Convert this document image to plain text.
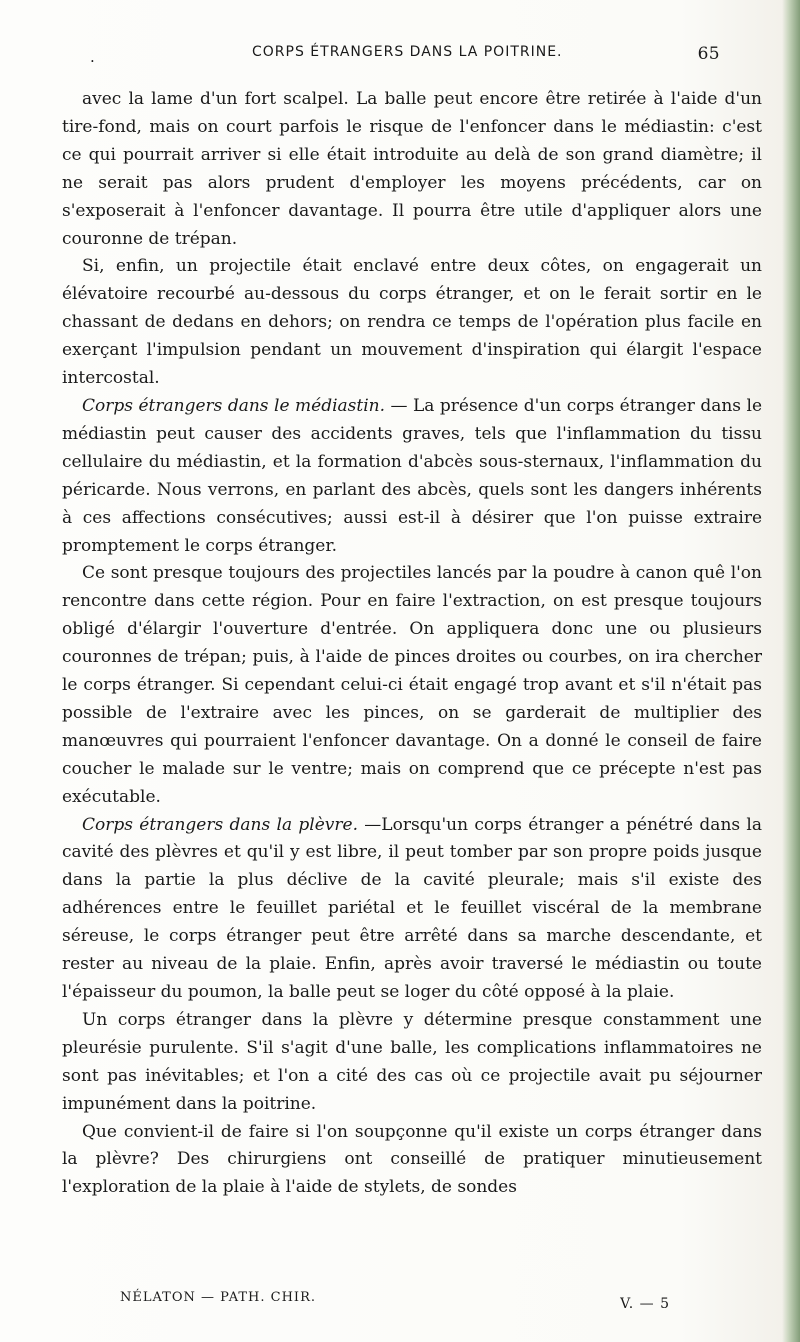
.	CORPS ÉTRANGERS DANS LA POITRINE.	65

avec la lame d'un fort scalpel. La balle peut encore être retirée à l'aide d'un tire-fond, mais on court parfois le risque de l'enfoncer dans le médiastin: c'est ce qui pourrait arriver si elle était introduite au delà de son grand diamètre; il ne serait pas alors prudent d'employer les moyens précédents, car on s'exposerait à l'enfoncer davantage. Il pourra être utile d'appliquer alors une couronne de trépan.

Si, enfin, un projectile était enclavé entre deux côtes, on engagerait un élévatoire recourbé au-dessous du corps étranger, et on le ferait sortir en le chassant de dedans en dehors; on rendra ce temps de l'opération plus facile en exerçant l'impulsion pendant un mouvement d'inspiration qui élargit l'espace intercostal.

Corps étrangers dans le médiastin. — La présence d'un corps étranger dans le médiastin peut causer des accidents graves, tels que l'inflammation du tissu cellulaire du médiastin, et la formation d'abcès sous-sternaux, l'inflammation du péricarde. Nous verrons, en parlant des abcès, quels sont les dangers inhérents à ces affections consécutives; aussi est-il à désirer que l'on puisse extraire promptement le corps étranger.

Ce sont presque toujours des projectiles lancés par la poudre à canon quê l'on rencontre dans cette région. Pour en faire l'extraction, on est presque toujours obligé d'élargir l'ouverture d'entrée. On appliquera donc une ou plusieurs couronnes de trépan; puis, à l'aide de pinces droites ou courbes, on ira chercher le corps étranger. Si cependant celui-ci était engagé trop avant et s'il n'était pas possible de l'extraire avec les pinces, on se garderait de multiplier des manœuvres qui pourraient l'enfoncer davantage. On a donné le conseil de faire coucher le malade sur le ventre; mais on comprend que ce précepte n'est pas exécutable.

Corps étrangers dans la plèvre. —Lorsqu'un corps étranger a pénétré dans la cavité des plèvres et qu'il y est libre, il peut tomber par son propre poids jusque dans la partie la plus déclive de la cavité pleurale; mais s'il existe des adhérences entre le feuillet pariétal et le feuillet viscéral de la membrane séreuse, le corps étranger peut être arrêté dans sa marche descendante, et rester au niveau de la plaie. Enfin, après avoir traversé le médiastin ou toute l'épaisseur du poumon, la balle peut se loger du côté opposé à la plaie.

Un corps étranger dans la plèvre y détermine presque constamment une pleurésie purulente. S'il s'agit d'une balle, les complications inflammatoires ne sont pas inévitables; et l'on a cité des cas où ce projectile avait pu séjourner impunément dans la poitrine.

Que convient-il de faire si l'on soupçonne qu'il existe un corps étranger dans la plèvre? Des chirurgiens ont conseillé de pratiquer minutieusement l'exploration de la plaie à l'aide de stylets, de sondes

NÉLATON — PATH. CHIR.	V. — 5
